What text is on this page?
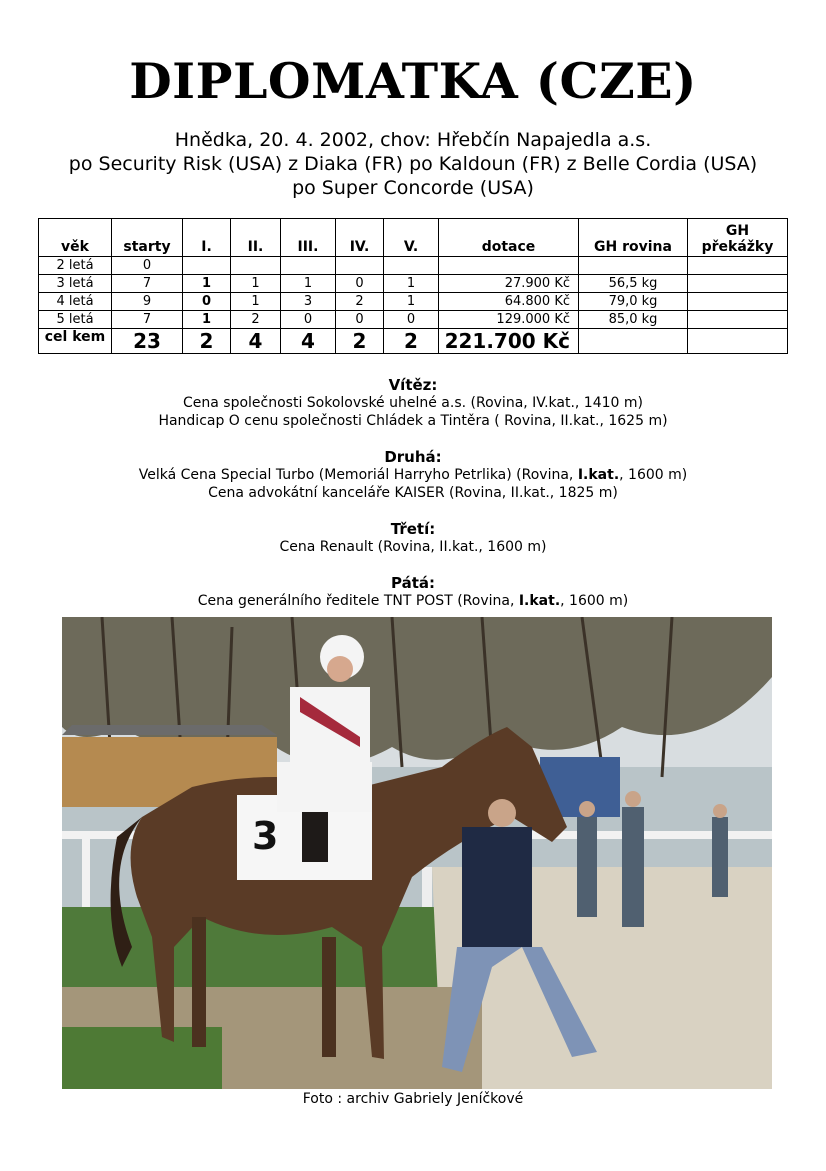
DIPLOMATKA (CZE)
Hnědka, 20. 4. 2002, chov: Hřebčín Napajedla a.s.
po Security Risk (USA) z Diaka (FR) po Kaldoun (FR) z Belle Cordia (USA)
po Super Concorde (USA)
věk	starty	I.	II.	III.	IV.	V.	dotace	GH rovina	GH překážky
2 letá	0								
3 letá	7	1	1	1	0	1	27.900 Kč	56,5 kg	
4 letá	9	0	1	3	2	1	64.800 Kč	79,0 kg	
5 letá	7	1	2	0	0	0	129.000 Kč	85,0 kg	
cel kem	23	2	4	4	2	2	221.700 Kč		
Vítěz:
Cena společnosti Sokolovské uhelné a.s. (Rovina, IV.kat., 1410 m)
Handicap O cenu společnosti Chládek a Tintěra ( Rovina, II.kat., 1625 m)
Druhá:
Velká Cena Special Turbo (Memoriál Harryho Petrlika) (Rovina, I.kat., 1600 m)
Cena advokátní kanceláře KAISER (Rovina, II.kat., 1825 m)
Třetí:
Cena Renault (Rovina, II.kat., 1600 m)
Pátá:
Cena generálního ředitele TNT POST (Rovina, I.kat., 1600 m)
3
Foto : archiv Gabriely Jeníčkové
